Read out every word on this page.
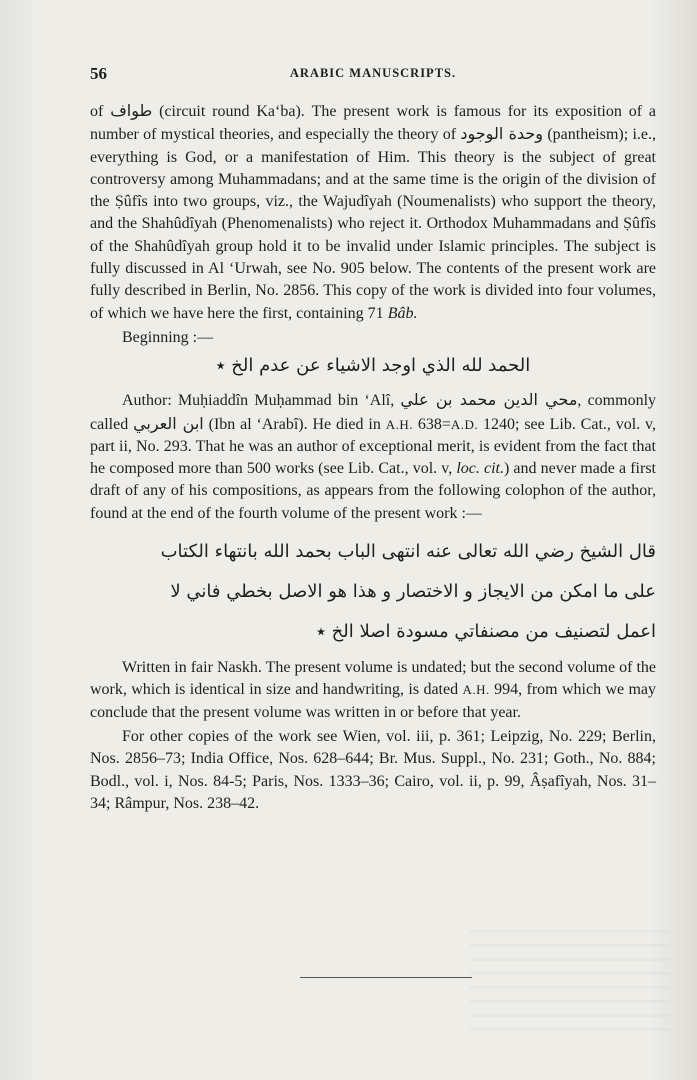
56	ARABIC MANUSCRIPTS.

of طواف (circuit round Ka‘ba). The present work is famous for its exposition of a number of mystical theories, and especially the theory of وحدة الوجود (pantheism); i.e., everything is God, or a manifestation of Him. This theory is the subject of great controversy among Muhammadans; and at the same time is the origin of the division of the Ṣûfîs into two groups, viz., the Wajudîyah (Noumenalists) who support the theory, and the Shahûdîyah (Phenomenalists) who reject it. Orthodox Muhammadans and Ṣûfîs of the Shahûdîyah group hold it to be invalid under Islamic principles. The subject is fully discussed in Al ‘Urwah, see No. 905 below. The contents of the present work are fully described in Berlin, No. 2856. This copy of the work is divided into four volumes, of which we have here the first, containing 71 Bâb.

Beginning :—

الحمد لله الذي اوجد الاشياء عن عدم الخ ٭

Author: Muḥiaddîn Muḥammad bin ‘Alî, محي الدين محمد بن علي, commonly called ابن العربي (Ibn al ‘Arabî). He died in A.H. 638=A.D. 1240; see Lib. Cat., vol. v, part ii, No. 293. That he was an author of exceptional merit, is evident from the fact that he composed more than 500 works (see Lib. Cat., vol. v, loc. cit.) and never made a first draft of any of his compositions, as appears from the following colophon of the author, found at the end of the fourth volume of the present work :—

قال الشيخ رضي الله تعالى عنه انتهى الباب بحمد الله بانتهاء الكتاب
على ما امكن من الايجاز و الاختصار و هذا هو الاصل بخطي فاني لا
اعمل لتصنيف من مصنفاتي مسودة اصلا الخ ٭

Written in fair Naskh. The present volume is undated; but the second volume of the work, which is identical in size and handwriting, is dated A.H. 994, from which we may conclude that the present volume was written in or before that year.

For other copies of the work see Wien, vol. iii, p. 361; Leipzig, No. 229; Berlin, Nos. 2856–73; India Office, Nos. 628–644; Br. Mus. Suppl., No. 231; Goth., No. 884; Bodl., vol. i, Nos. 84-5; Paris, Nos. 1333–36; Cairo, vol. ii, p. 99, Âṣafîyah, Nos. 31–34; Râmpur, Nos. 238–42.
